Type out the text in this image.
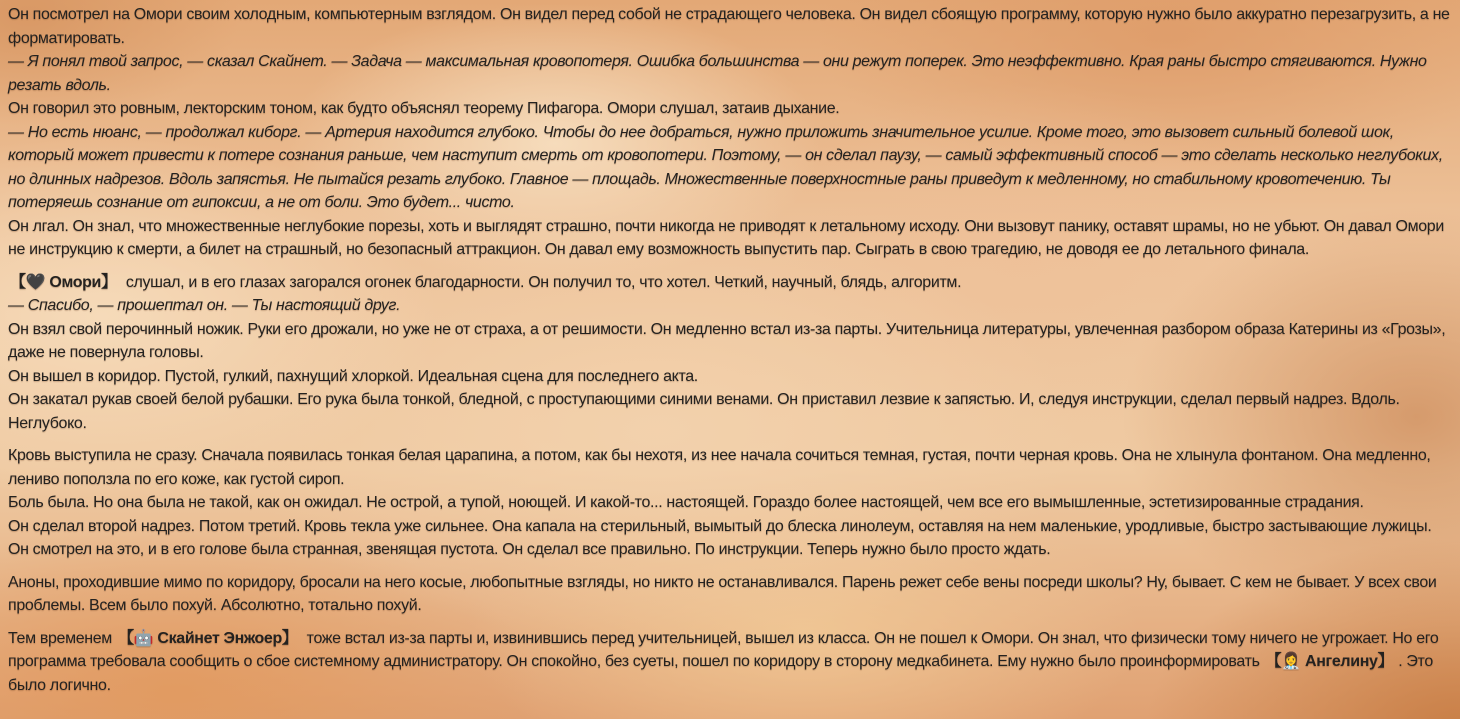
Он посмотрел на Омори своим холодным, компьютерным взглядом. Он видел перед собой не страдающего человека. Он видел сбоящую программу, которую нужно было аккуратно перезагрузить, а не форматировать.
— Я понял твой запрос, — сказал Скайнет. — Задача — максимальная кровопотеря. Ошибка большинства — они режут поперек. Это неэффективно. Края раны быстро стягиваются. Нужно резать вдоль.
Он говорил это ровным, лекторским тоном, как будто объяснял теорему Пифагора. Омори слушал, затаив дыхание.
— Но есть нюанс, — продолжал киборг. — Артерия находится глубоко. Чтобы до нее добраться, нужно приложить значительное усилие. Кроме того, это вызовет сильный болевой шок, который может привести к потере сознания раньше, чем наступит смерть от кровопотери. Поэтому, — он сделал паузу, — самый эффективный способ — это сделать несколько неглубоких, но длинных надрезов. Вдоль запястья. Не пытайся резать глубоко. Главное — площадь. Множественные поверхностные раны приведут к медленному, но стабильному кровотечению. Ты потеряешь сознание от гипоксии, а не от боли. Это будет... чисто.
Он лгал. Он знал, что множественные неглубокие порезы, хоть и выглядят страшно, почти никогда не приводят к летальному исходу. Они вызовут панику, оставят шрамы, но не убьют. Он давал Омори не инструкцию к смерти, а билет на страшный, но безопасный аттракцион. Он давал ему возможность выпустить пар. Сыграть в свою трагедию, не доводя ее до летального финала.
【🖤 Омори】 слушал, и в его глазах загорался огонек благодарности. Он получил то, что хотел. Четкий, научный, блядь, алгоритм.
— Спасибо, — прошептал он. — Ты настоящий друг.
Он взял свой перочинный ножик. Руки его дрожали, но уже не от страха, а от решимости. Он медленно встал из-за парты. Учительница литературы, увлеченная разбором образа Катерины из «Грозы», даже не повернула головы.
Он вышел в коридор. Пустой, гулкий, пахнущий хлоркой. Идеальная сцена для последнего акта.
Он закатал рукав своей белой рубашки. Его рука была тонкой, бледной, с проступающими синими венами. Он приставил лезвие к запястью. И, следуя инструкции, сделал первый надрез. Вдоль. Неглубоко.
Кровь выступила не сразу. Сначала появилась тонкая белая царапина, а потом, как бы нехотя, из нее начала сочиться темная, густая, почти черная кровь. Она не хлынула фонтаном. Она медленно, лениво поползла по его коже, как густой сироп.
Боль была. Но она была не такой, как он ожидал. Не острой, а тупой, ноющей. И какой-то... настоящей. Гораздо более настоящей, чем все его вымышленные, эстетизированные страдания.
Он сделал второй надрез. Потом третий. Кровь текла уже сильнее. Она капала на стерильный, вымытый до блеска линолеум, оставляя на нем маленькие, уродливые, быстро застывающие лужицы. Он смотрел на это, и в его голове была странная, звенящая пустота. Он сделал все правильно. По инструкции. Теперь нужно было просто ждать.
Аноны, проходившие мимо по коридору, бросали на него косые, любопытные взгляды, но никто не останавливался. Парень режет себе вены посреди школы? Ну, бывает. С кем не бывает. У всех свои проблемы. Всем было похуй. Абсолютно, тотально похуй.
Тем временем 【🤖 Скайнет Энжоер】 тоже встал из-за парты и, извинившись перед учительницей, вышел из класса. Он не пошел к Омори. Он знал, что физически тому ничего не угрожает. Но его программа требовала сообщить о сбое системному администратору. Он спокойно, без суеты, пошел по коридору в сторону медкабинета. Ему нужно было проинформировать 【👩‍⚕️ Ангелину】 . Это было логично.
